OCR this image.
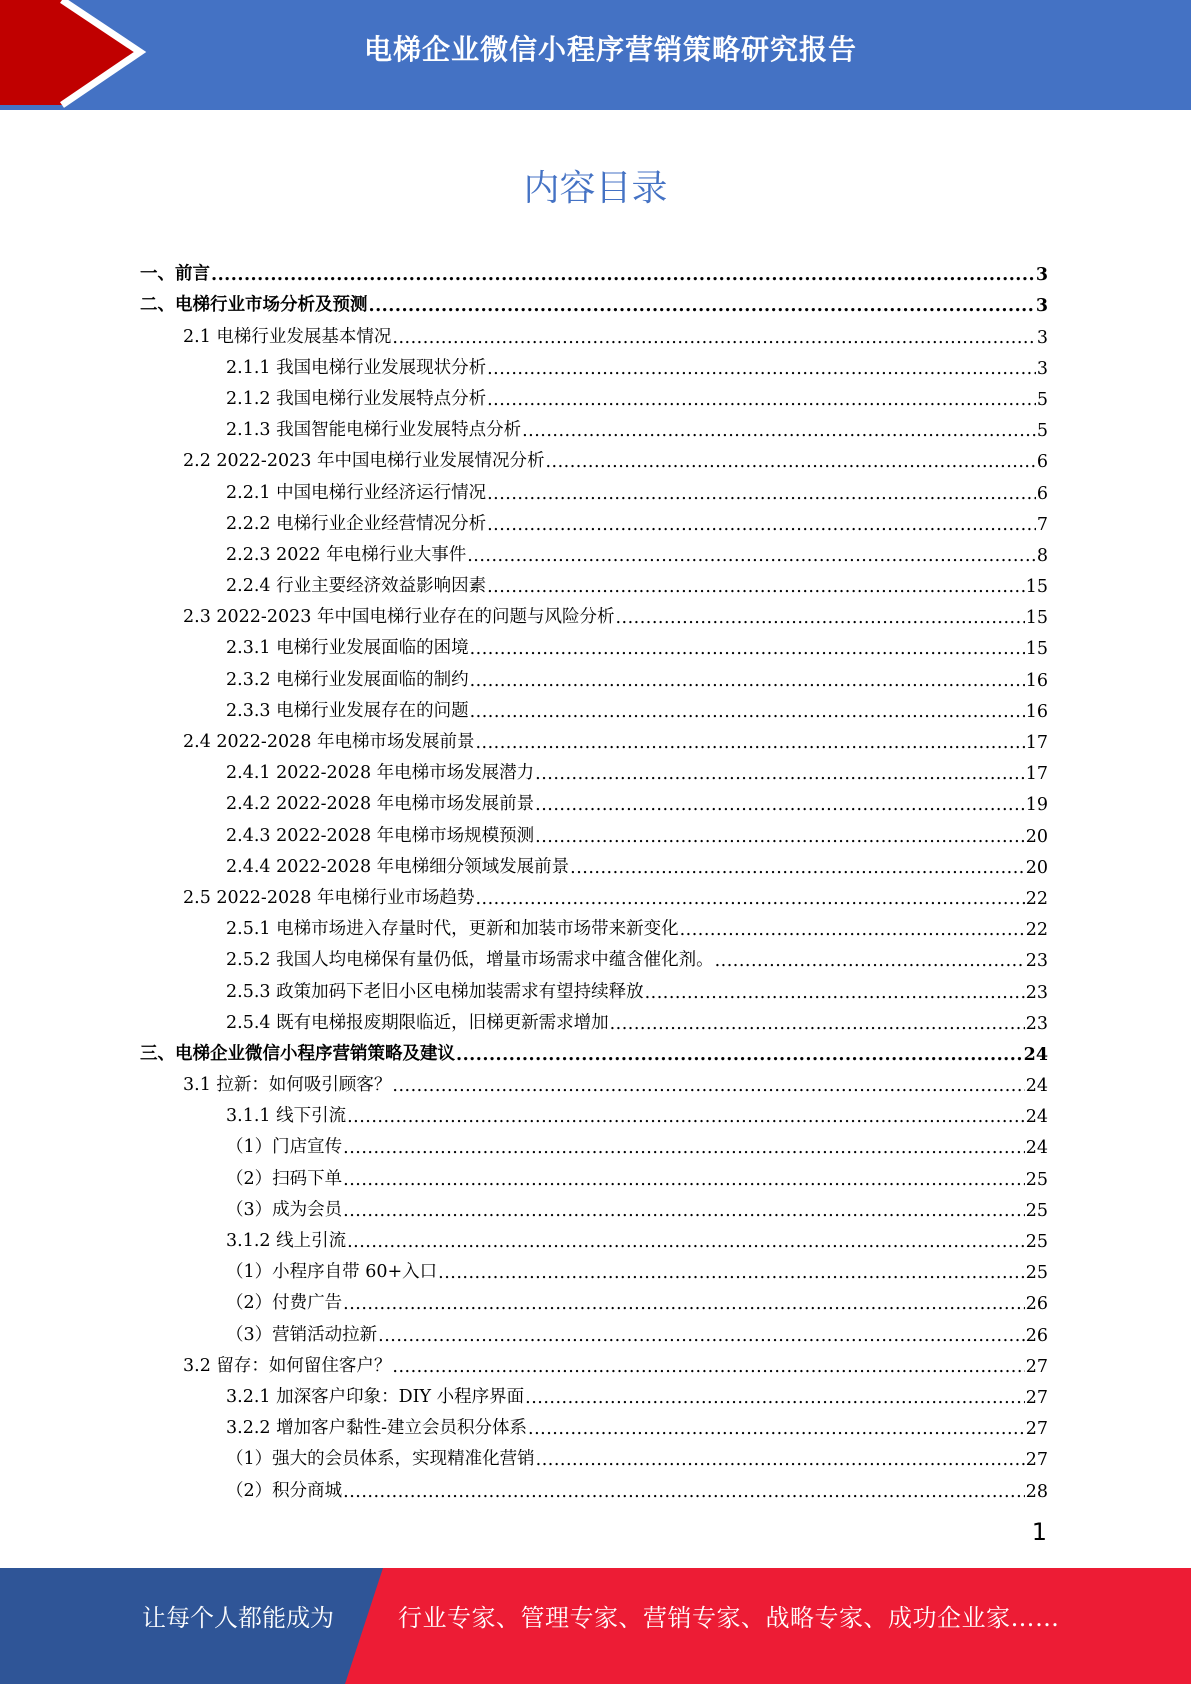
电梯企业微信小程序营销策略研究报告
内容目录
一、前言 .....	3
二、电梯行业市场分析及预测 .....	3
2.1 电梯行业发展基本情况 .....	3
2.1.1 我国电梯行业发展现状分析 .....	3
2.1.2 我国电梯行业发展特点分析 .....	5
2.1.3 我国智能电梯行业发展特点分析 .....	5
2.2 2022-2023 年中国电梯行业发展情况分析 .....	6
2.2.1 中国电梯行业经济运行情况 .....	6
2.2.2 电梯行业企业经营情况分析 .....	7
2.2.3 2022 年电梯行业大事件 .....	8
2.2.4 行业主要经济效益影响因素 .....	15
2.3 2022-2023 年中国电梯行业存在的问题与风险分析 .....	15
2.3.1 电梯行业发展面临的困境 .....	15
2.3.2 电梯行业发展面临的制约 .....	16
2.3.3 电梯行业发展存在的问题 .....	16
2.4 2022-2028 年电梯市场发展前景 .....	17
2.4.1 2022-2028 年电梯市场发展潜力 .....	17
2.4.2 2022-2028 年电梯市场发展前景 .....	19
2.4.3 2022-2028 年电梯市场规模预测 .....	20
2.4.4 2022-2028 年电梯细分领域发展前景 .....	20
2.5 2022-2028 年电梯行业市场趋势 .....	22
2.5.1 电梯市场进入存量时代，更新和加装市场带来新变化 .....	22
2.5.2 我国人均电梯保有量仍低，增量市场需求中蕴含催化剂。 .....	23
2.5.3 政策加码下老旧小区电梯加装需求有望持续释放 .....	23
2.5.4 既有电梯报废期限临近，旧梯更新需求增加 .....	23
三、电梯企业微信小程序营销策略及建议 .....	24
3.1 拉新：如何吸引顾客？ .....	24
3.1.1 线下引流 .....	24
（1）门店宣传 .....	24
（2）扫码下单 .....	25
（3）成为会员 .....	25
3.1.2 线上引流 .....	25
（1）小程序自带 60+入口 .....	25
（2）付费广告 .....	26
（3）营销活动拉新 .....	26
3.2 留存：如何留住客户？ .....	27
3.2.1 加深客户印象：DIY 小程序界面 .....	27
3.2.2 增加客户黏性-建立会员积分体系 .....	27
（1）强大的会员体系，实现精准化营销 .....	27
（2）积分商城 .....	28
1
让每个人都能成为	行业专家、管理专家、营销专家、战略专家、成功企业家……
